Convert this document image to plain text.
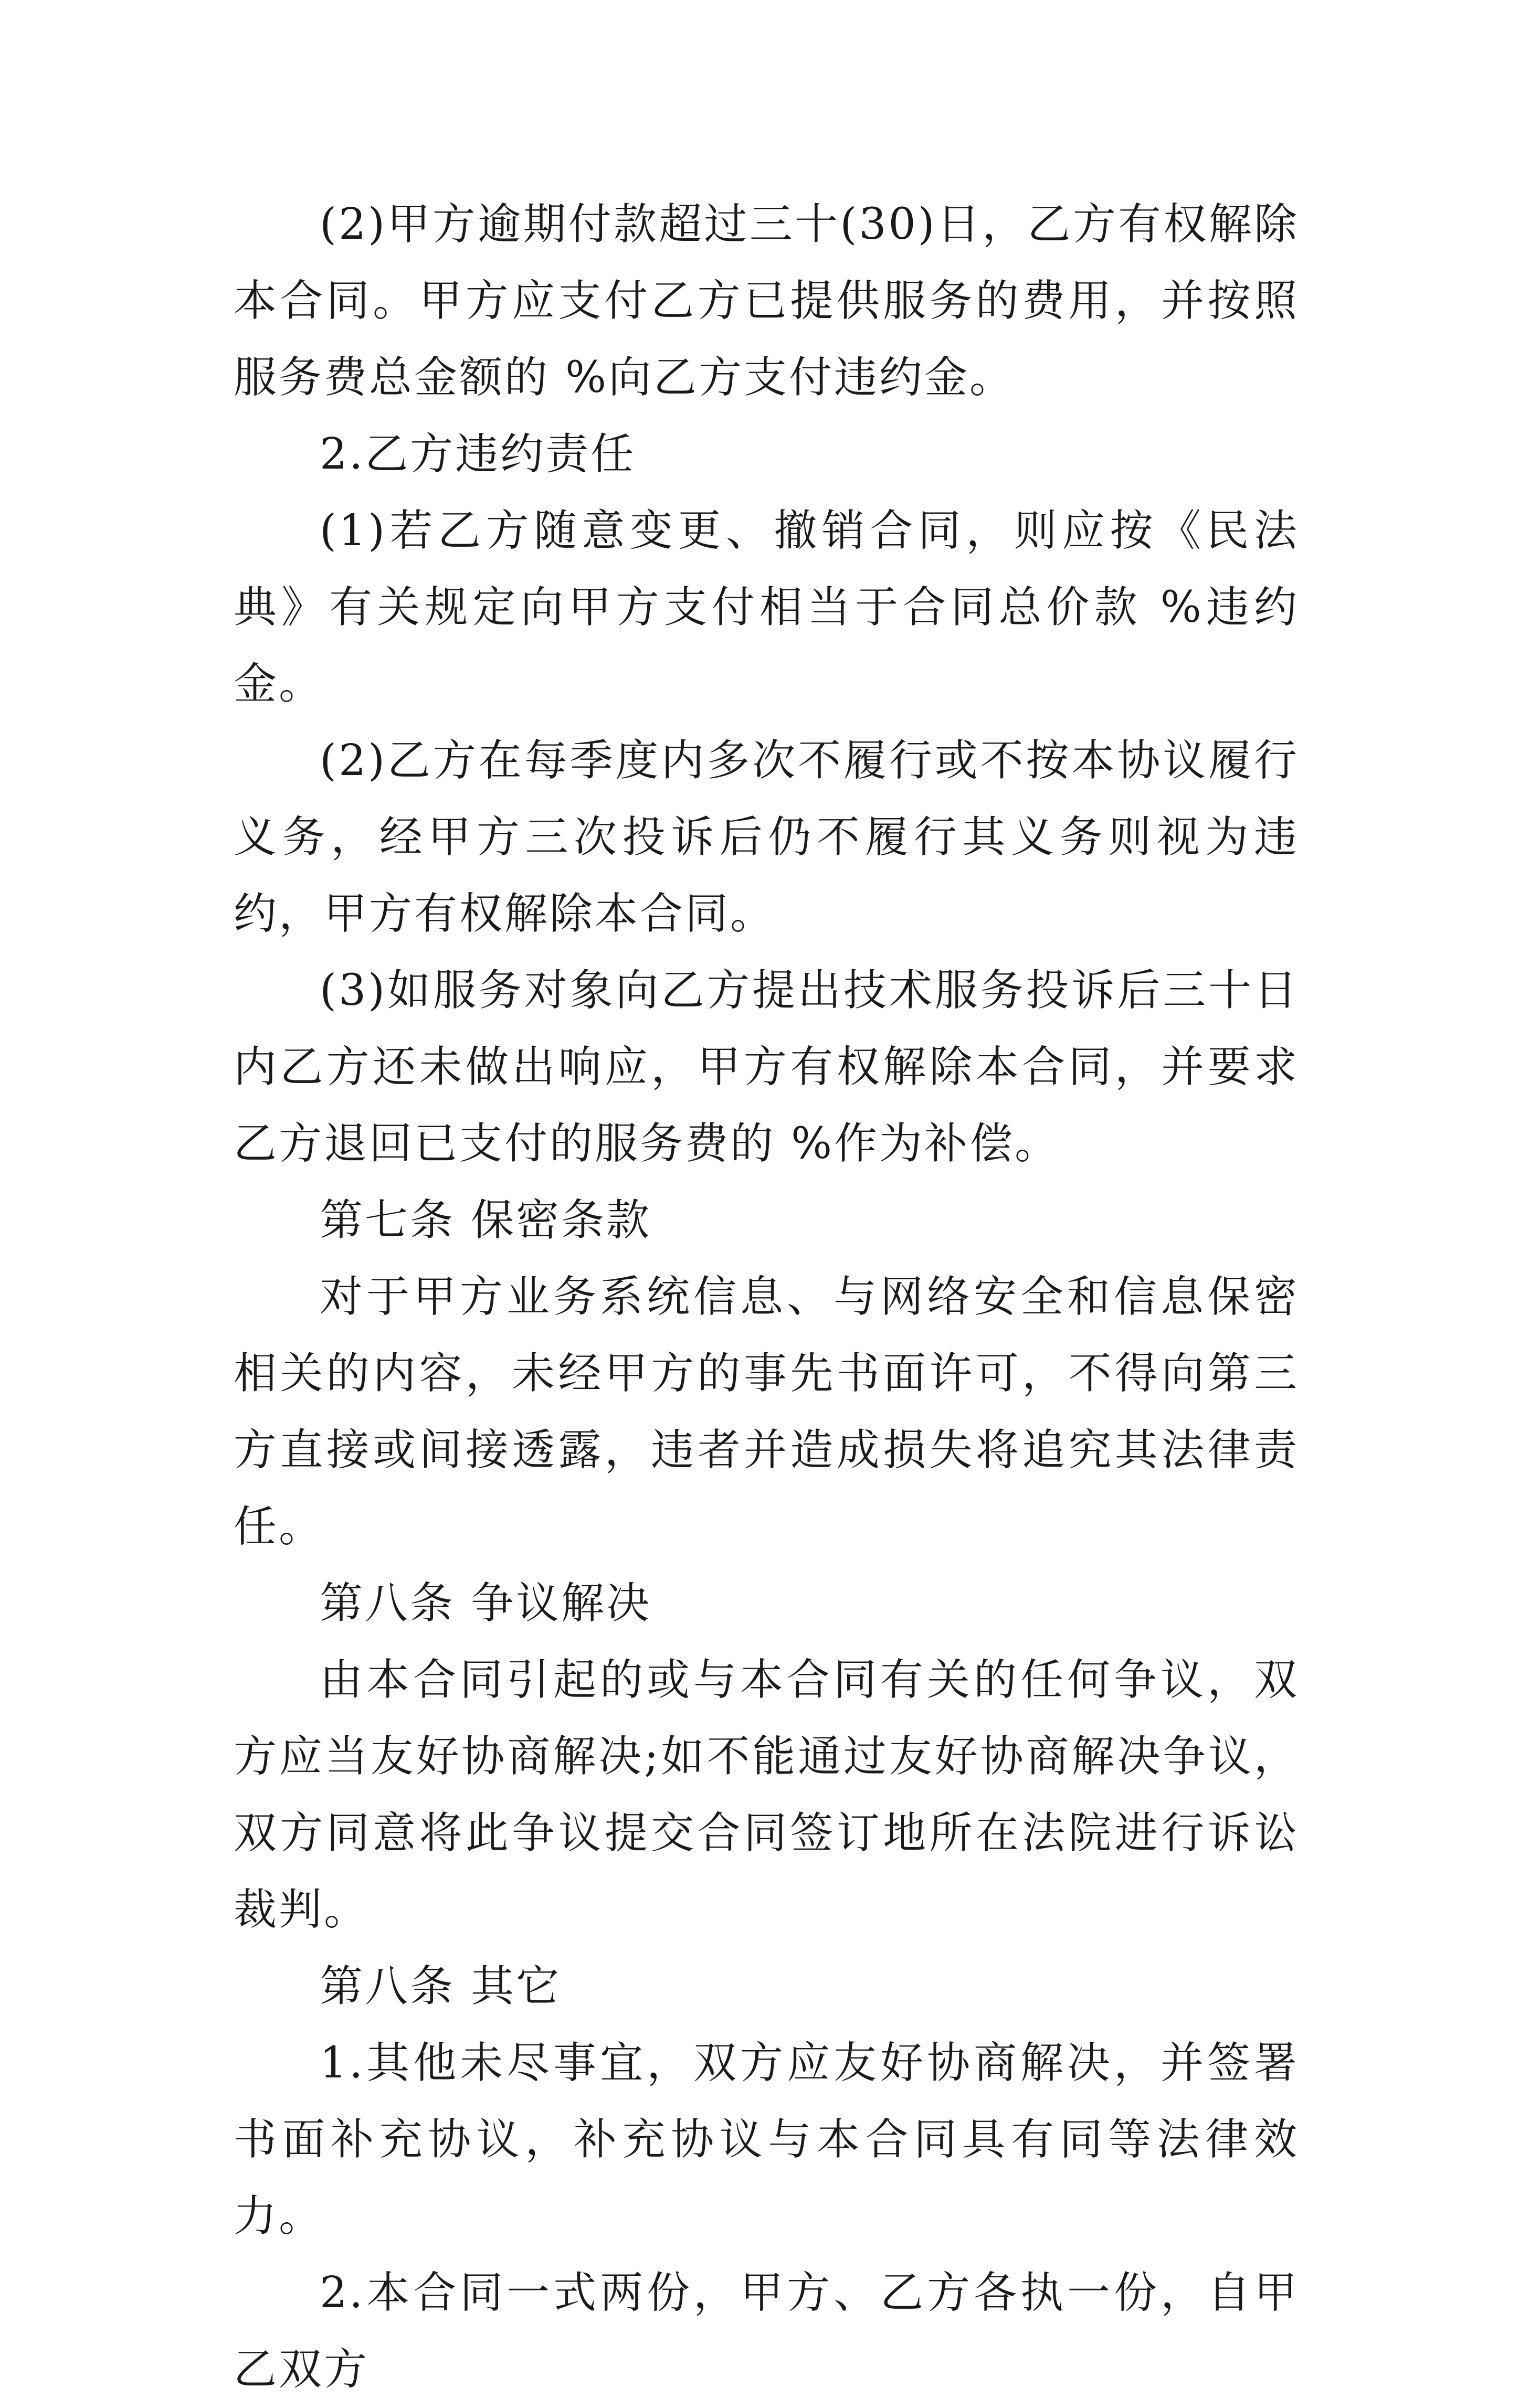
(2)甲方逾期付款超过三十(30)日，乙方有权解除本合同。甲方应支付乙方已提供服务的费用，并按照服务费总金额的 %向乙方支付违约金。

2.乙方违约责任

(1)若乙方随意变更、撤销合同，则应按《民法典》有关规定向甲方支付相当于合同总价款 %违约金。

(2)乙方在每季度内多次不履行或不按本协议履行义务，经甲方三次投诉后仍不履行其义务则视为违约，甲方有权解除本合同。

(3)如服务对象向乙方提出技术服务投诉后三十日内乙方还未做出响应，甲方有权解除本合同，并要求乙方退回已支付的服务费的 %作为补偿。

第七条 保密条款

对于甲方业务系统信息、与网络安全和信息保密相关的内容，未经甲方的事先书面许可，不得向第三方直接或间接透露，违者并造成损失将追究其法律责任。

第八条 争议解决

由本合同引起的或与本合同有关的任何争议，双方应当友好协商解决;如不能通过友好协商解决争议，双方同意将此争议提交合同签订地所在法院进行诉讼裁判。

第八条 其它

1.其他未尽事宜，双方应友好协商解决，并签署书面补充协议，补充协议与本合同具有同等法律效力。

2.本合同一式两份，甲方、乙方各执一份，自甲乙双方
